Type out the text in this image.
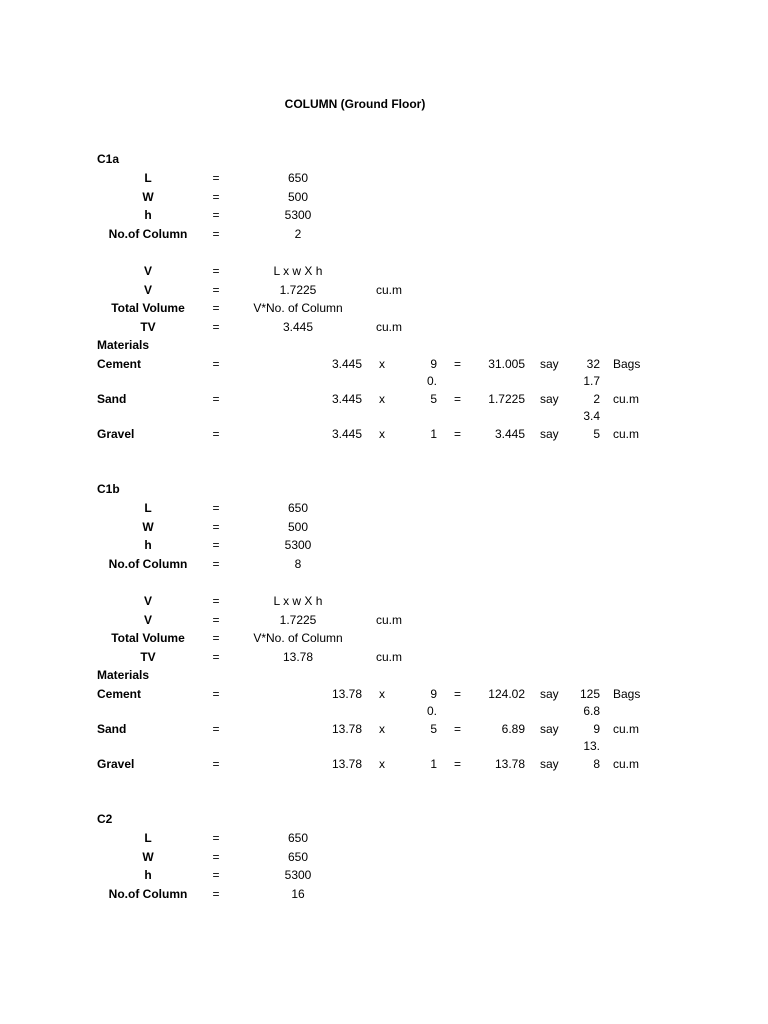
COLUMN (Ground Floor)
C1a
L	=	650
W	=	500
h	=	5300
No.of Column =	2
V	=	L x w X h
V	=	1.7225	cu.m
Total Volume =	V*No. of Column
TV	=	3.445	cu.m
Materials
Cement	=	3.445 x	9 = 31.005 say 32 Bags
0.	1.7
Sand	=	3.445 x	5 = 1.7225 say	2 cu.m
3.4
Gravel	=	3.445 x	1 =	3.445 say	5 cu.m
C1b
L	=	650
W	=	500
h	=	5300
No.of Column =	8
V	=	L x w X h
V	=	1.7225	cu.m
Total Volume =	V*No. of Column
TV	=	13.78	cu.m
Materials
Cement	=	13.78 x	9 = 124.02 say 125 Bags
0.	6.8
Sand	=	13.78 x	5 =	6.89 say	9 cu.m
13.
Gravel	=	13.78 x	1 =	13.78 say	8 cu.m
C2
L	=	650
W	=	650
h	=	5300
No.of Column =	16
